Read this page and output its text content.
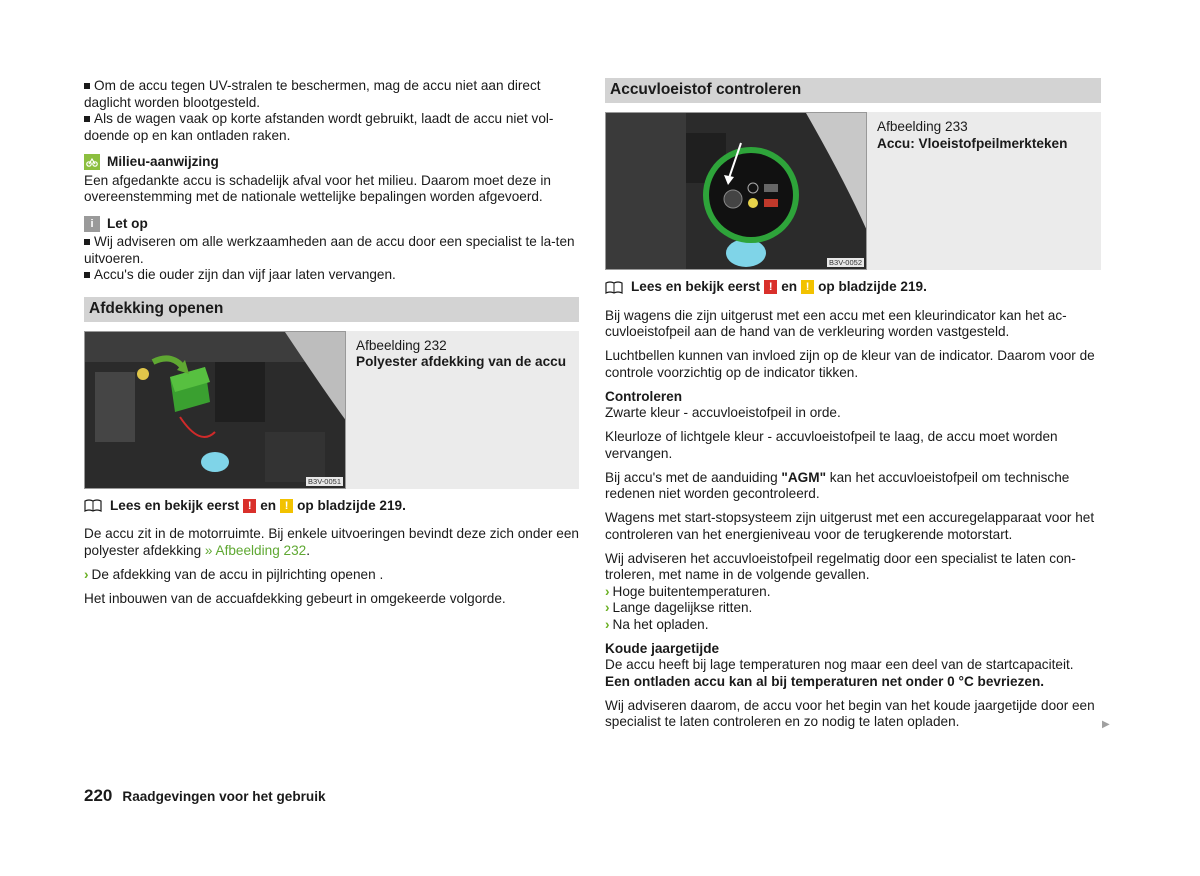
Om de accu tegen UV-stralen te beschermen, mag de accu niet aan direct daglicht worden blootgesteld.
Als de wagen vaak op korte afstanden wordt gebruikt, laadt de accu niet vol-doende op en kan ontladen raken.
Milieu-aanwijzing
Een afgedankte accu is schadelijk afval voor het milieu. Daarom moet deze in overeenstemming met de nationale wettelijke bepalingen worden afgevoerd.
i Let op
Wij adviseren om alle werkzaamheden aan de accu door een specialist te la-ten uitvoeren.
Accu's die ouder zijn dan vijf jaar laten vervangen.
Afdekking openen
B3V-0051
Afbeelding 232
Polyester afdekking van de accu
Lees en bekijk eerst ! en ! op bladzijde 219.
De accu zit in de motorruimte. Bij enkele uitvoeringen bevindt deze zich onder een polyester afdekking » Afbeelding 232.
› De afdekking van de accu in pijlrichting openen .
Het inbouwen van de accuafdekking gebeurt in omgekeerde volgorde.
Accuvloeistof controleren
B3V-0052
Afbeelding 233
Accu: Vloeistofpeilmerkteken
Lees en bekijk eerst ! en ! op bladzijde 219.
Bij wagens die zijn uitgerust met een accu met een kleurindicator kan het ac-cuvloeistofpeil aan de hand van de verkleuring worden vastgesteld.
Luchtbellen kunnen van invloed zijn op de kleur van de indicator. Daarom voor de controle voorzichtig op de indicator tikken.
Controleren
Zwarte kleur - accuvloeistofpeil in orde.
Kleurloze of lichtgele kleur - accuvloeistofpeil te laag, de accu moet worden vervangen.
Bij accu's met de aanduiding "AGM" kan het accuvloeistofpeil om technische redenen niet worden gecontroleerd.
Wagens met start-stopsysteem zijn uitgerust met een accuregelapparaat voor het controleren van het energieniveau voor de terugkerende motorstart.
Wij adviseren het accuvloeistofpeil regelmatig door een specialist te laten con-troleren, met name in de volgende gevallen.
› Hoge buitentemperaturen.
› Lange dagelijkse ritten.
› Na het opladen.
Koude jaargetijde
De accu heeft bij lage temperaturen nog maar een deel van de startcapaciteit.
Een ontladen accu kan al bij temperaturen net onder 0 °C bevriezen.
Wij adviseren daarom, de accu voor het begin van het koude jaargetijde door een specialist te laten controleren en zo nodig te laten opladen.	▶
220 Raadgevingen voor het gebruik
